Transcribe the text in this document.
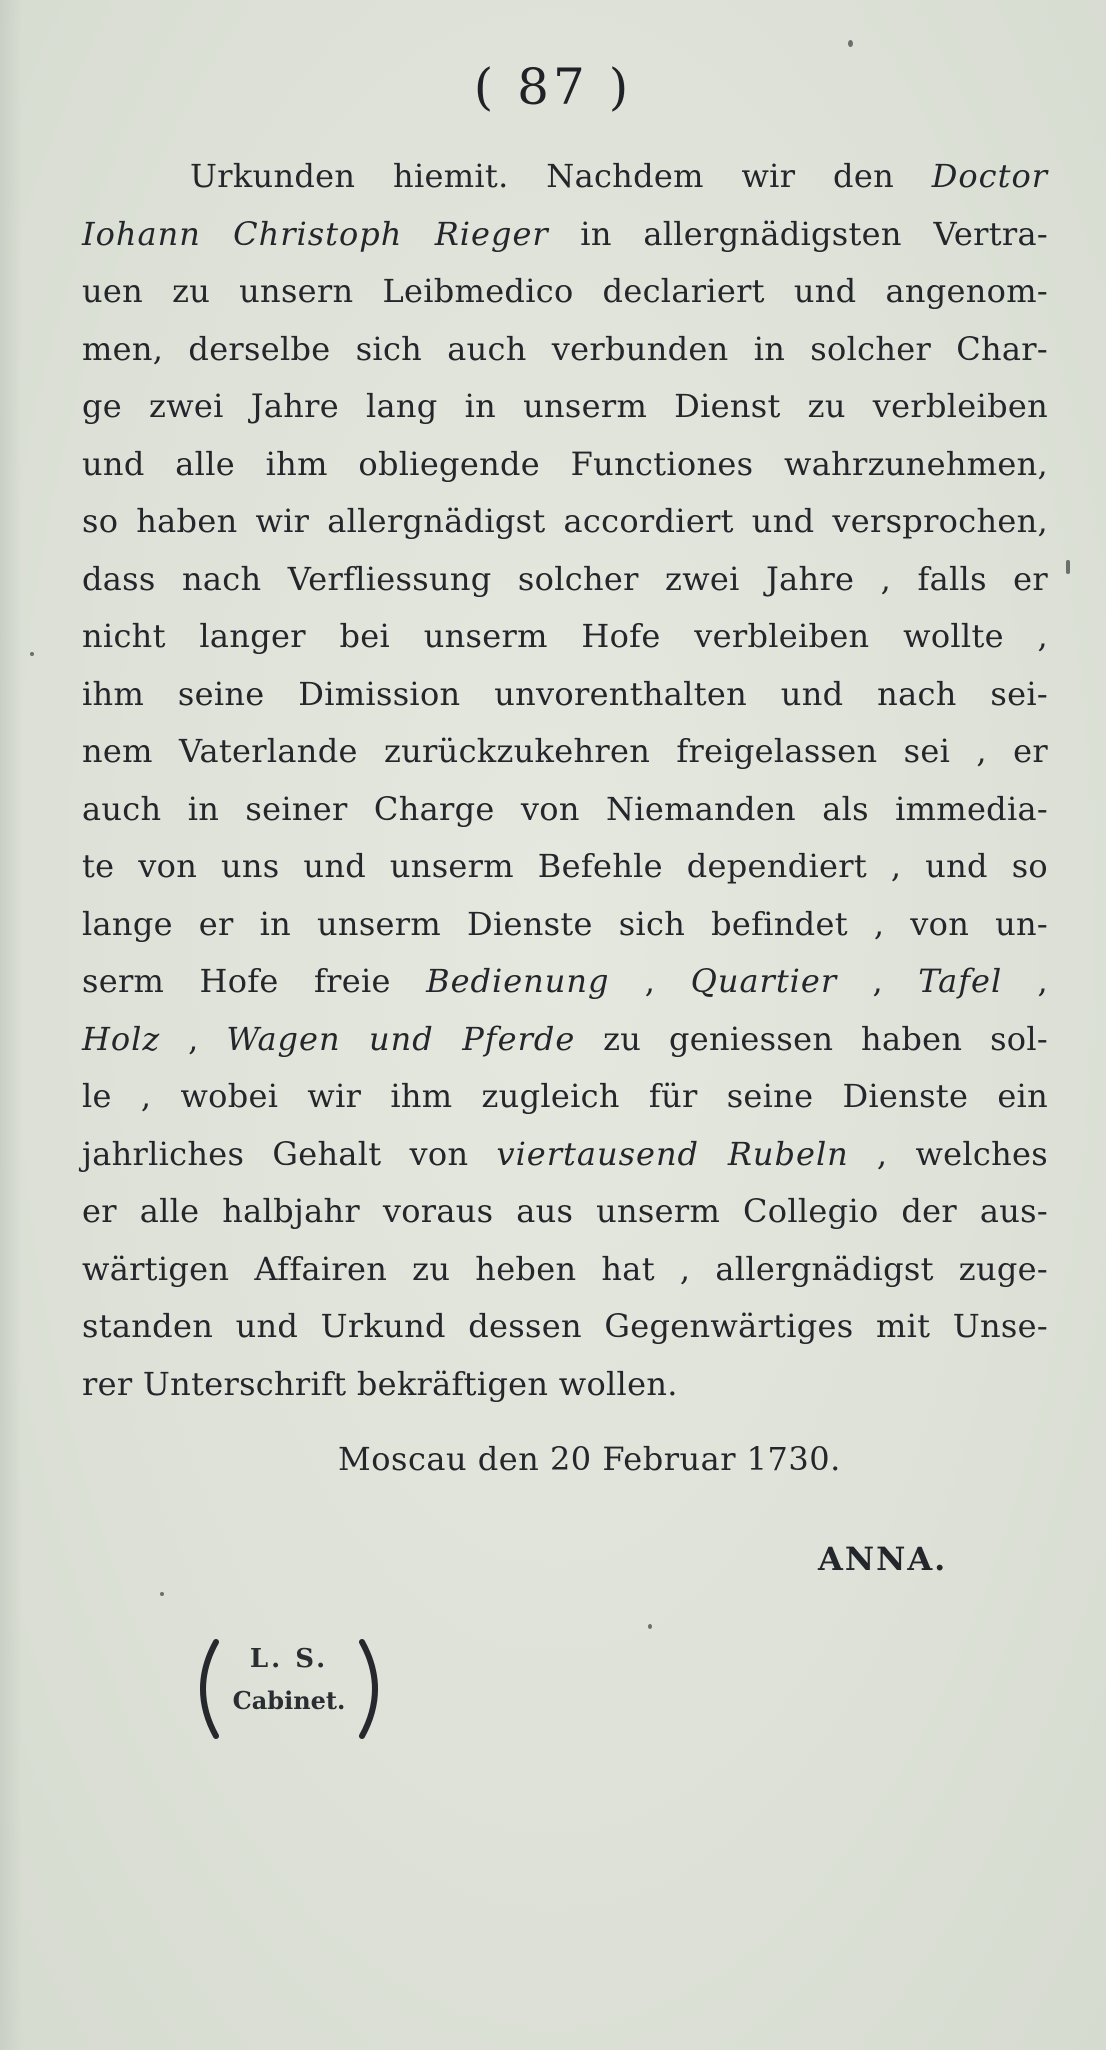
( 87 )
Urkunden hiemit. Nachdem wir den Doctor
Iohann Christoph Rieger in allergnädigsten Vertra-
uen zu unsern Leibmedico declariert und angenom-
men, derselbe sich auch verbunden in solcher Char-
ge zwei Jahre lang in unserm Dienst zu verbleiben
und alle ihm obliegende Functiones wahrzunehmen,
so haben wir allergnädigst accordiert und versprochen,
dass nach Verfliessung solcher zwei Jahre , falls er
nicht langer bei unserm Hofe verbleiben wollte ,
ihm seine Dimission unvorenthalten und nach sei-
nem Vaterlande zurückzukehren freigelassen sei , er
auch in seiner Charge von Niemanden als immedia-
te von uns und unserm Befehle dependiert , und so
lange er in unserm Dienste sich befindet , von un-
serm Hofe freie Bedienung , Quartier , Tafel ,
Holz , Wagen und Pferde zu geniessen haben sol-
le , wobei wir ihm zugleich für seine Dienste ein
jahrliches Gehalt von viertausend Rubeln , welches
er alle halbjahr voraus aus unserm Collegio der aus-
wärtigen Affairen zu heben hat , allergnädigst zuge-
standen und Urkund dessen Gegenwärtiges mit Unse-
rer Unterschrift bekräftigen wollen.
Moscau den 20 Februar 1730.
ANNA.
L. S.
Cabinet.
